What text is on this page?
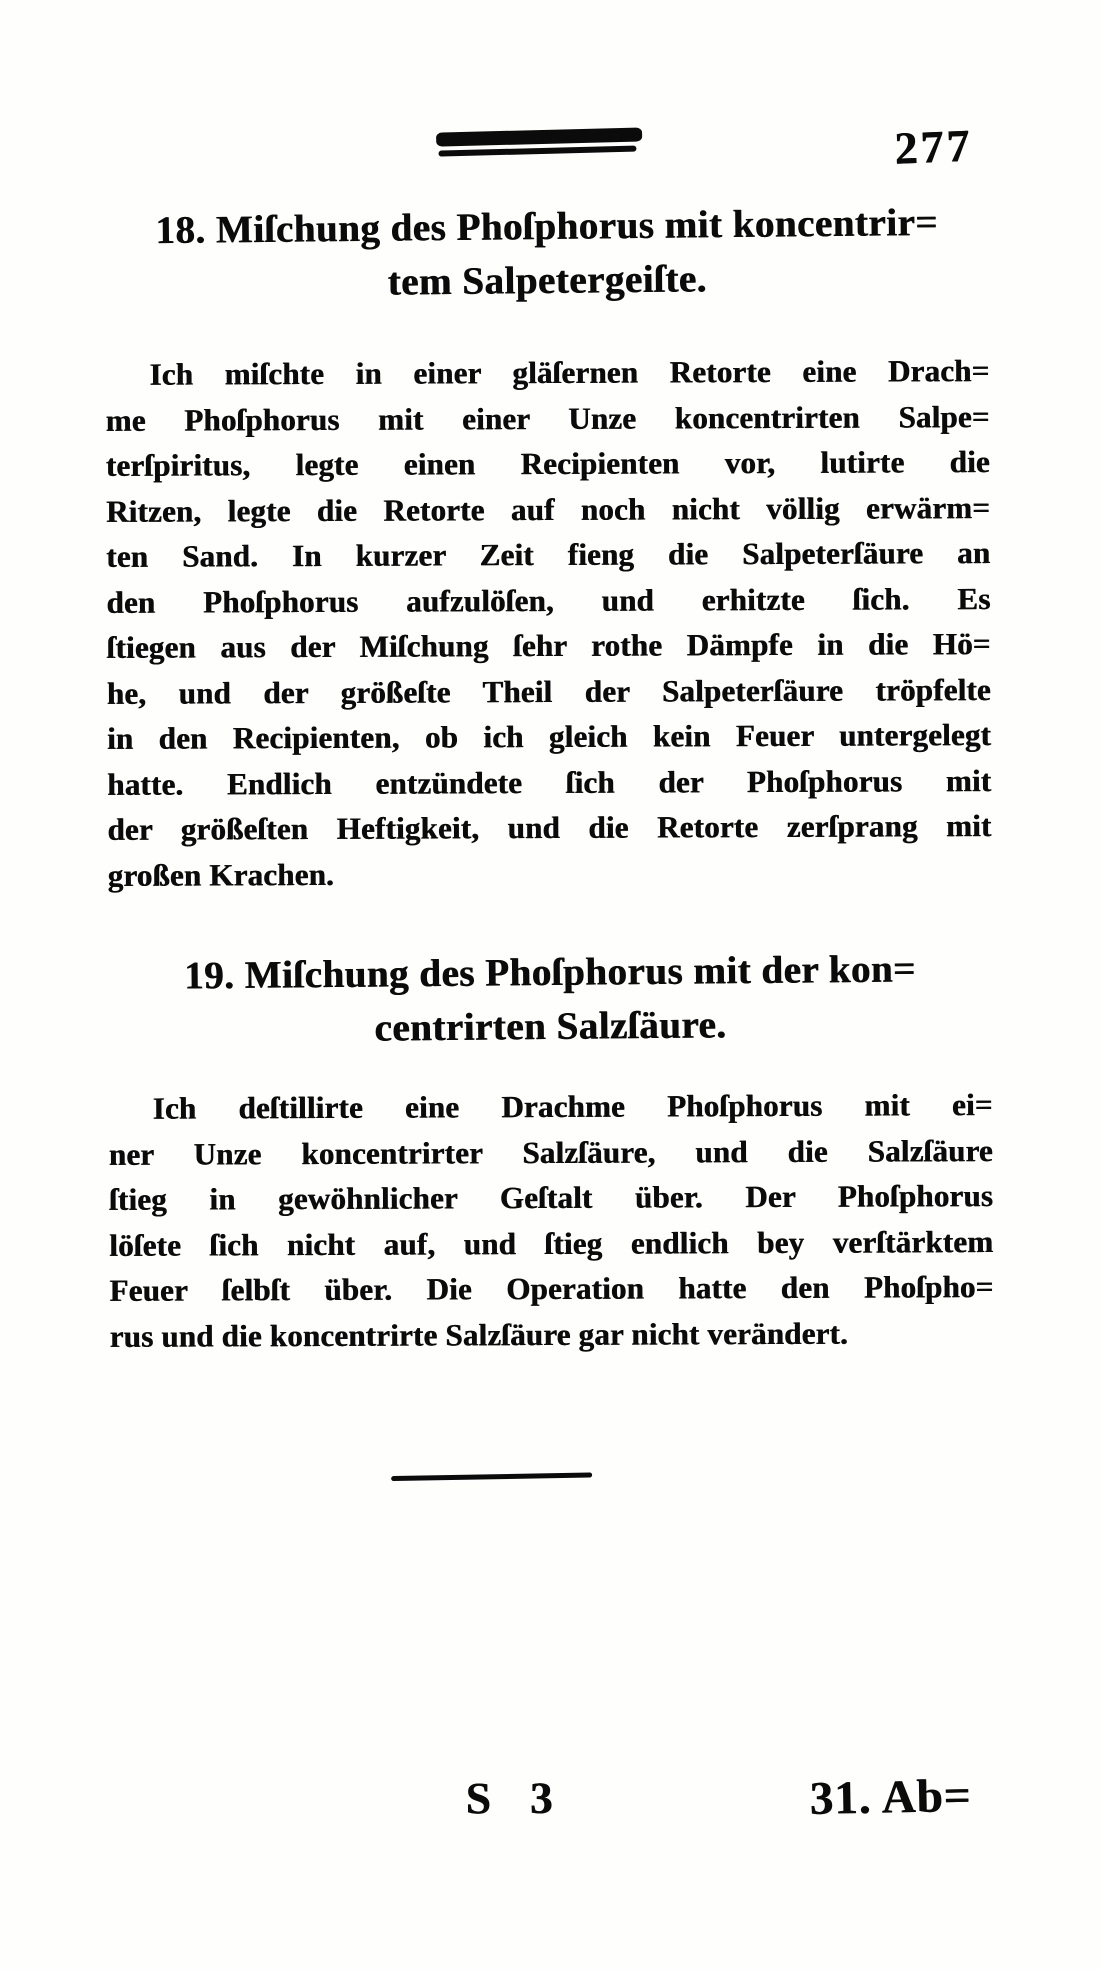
277
18. Miſchung des Phoſphorus mit koncentrir=
tem Salpetergeiſte.
Ich miſchte in einer gläſernen Retorte eine Drach=
me Phoſphorus mit einer Unze koncentrirten Salpe=
terſpiritus, legte einen Recipienten vor, lutirte die
Ritzen, legte die Retorte auf noch nicht völlig erwärm=
ten Sand. In kurzer Zeit fieng die Salpeterſäure an
den Phoſphorus aufzulöſen, und erhitzte ſich. Es
ſtiegen aus der Miſchung ſehr rothe Dämpfe in die Hö=
he, und der größeſte Theil der Salpeterſäure tröpfelte
in den Recipienten, ob ich gleich kein Feuer untergelegt
hatte. Endlich entzündete ſich der Phoſphorus mit
der größeſten Heftigkeit, und die Retorte zerſprang mit
großen Krachen.
19. Miſchung des Phoſphorus mit der kon=
centrirten Salzſäure.
Ich deſtillirte eine Drachme Phoſphorus mit ei=
ner Unze koncentrirter Salzſäure, und die Salzſäure
ſtieg in gewöhnlicher Geſtalt über. Der Phoſphorus
löſete ſich nicht auf, und ſtieg endlich bey verſtärktem
Feuer ſelbſt über. Die Operation hatte den Phoſpho=
rus und die koncentrirte Salzſäure gar nicht verändert.
S 3	31. Ab=
